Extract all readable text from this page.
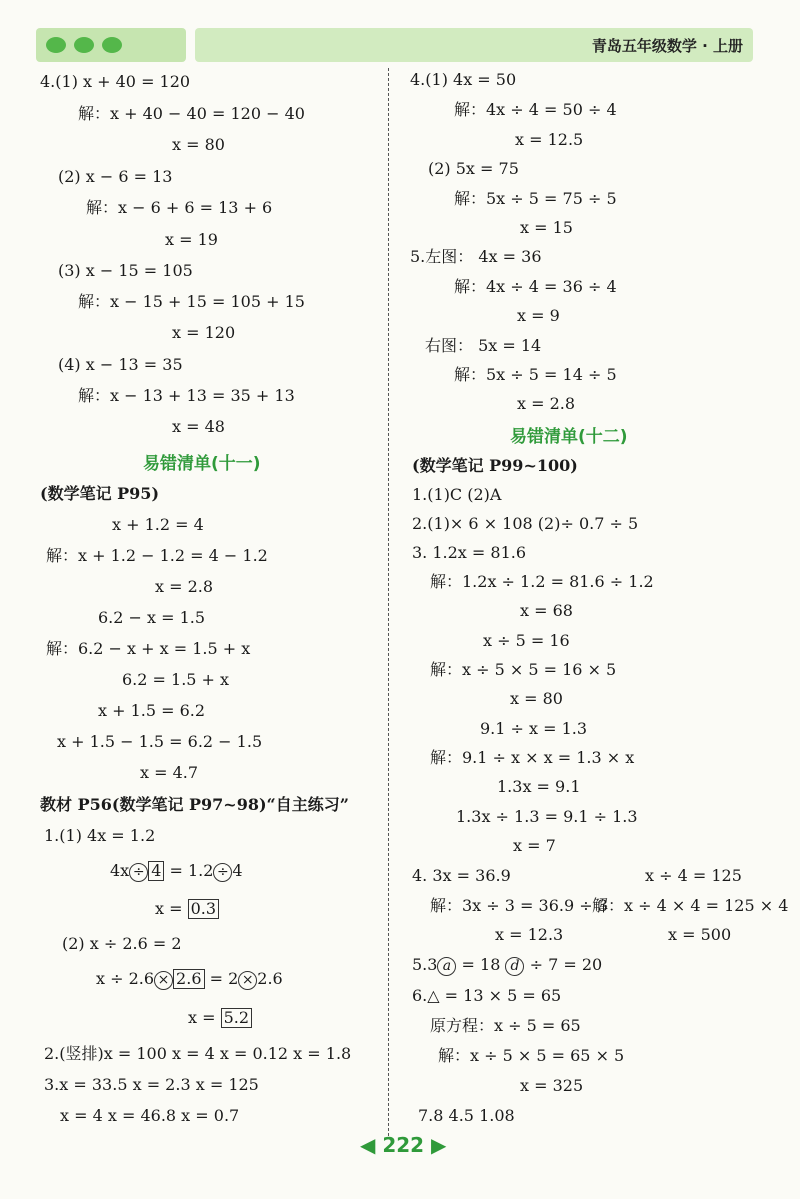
青岛五年级数学 · 上册
4.(1) x + 40 = 120
解：x + 40 − 40 = 120 − 40
x = 80
(2) x − 6 = 13
解：x − 6 + 6 = 13 + 6
x = 19
(3) x − 15 = 105
解：x − 15 + 15 = 105 + 15
x = 120
(4) x − 13 = 35
解：x − 13 + 13 = 35 + 13
x = 48
易错清单(十一)
(数学笔记 P95)
x + 1.2 = 4
解：x + 1.2 − 1.2 = 4 − 1.2
x = 2.8
6.2 − x = 1.5
解：6.2 − x + x = 1.5 + x
6.2 = 1.5 + x
x + 1.5 = 6.2
x + 1.5 − 1.5 = 6.2 − 1.5
x = 4.7
教材 P56(数学笔记 P97~98)“自主练习”
1.(1) 4x = 1.2
4x ÷ 4 = 1.2 ÷ 4
x = 0.3
(2) x ÷ 2.6 = 2
x ÷ 2.6 × 2.6 = 2 × 2.6
x = 5.2
2.(竖排)x = 100 x = 4 x = 0.12 x = 1.8
3.x = 33.5 x = 2.3 x = 125
x = 4 x = 46.8 x = 0.7
4.(1) 4x = 50
解：4x ÷ 4 = 50 ÷ 4
x = 12.5
(2) 5x = 75
解：5x ÷ 5 = 75 ÷ 5
x = 15
5.左图： 4x = 36
解：4x ÷ 4 = 36 ÷ 4
x = 9
右图： 5x = 14
解：5x ÷ 5 = 14 ÷ 5
x = 2.8
易错清单(十二)
(数学笔记 P99~100)
1.(1)C (2)A
2.(1)× 6 × 108 (2)÷ 0.7 ÷ 5
3. 1.2x = 81.6
解：1.2x ÷ 1.2 = 81.6 ÷ 1.2
x = 68
x ÷ 5 = 16
解：x ÷ 5 × 5 = 16 × 5
x = 80
9.1 ÷ x = 1.3
解：9.1 ÷ x × x = 1.3 × x
1.3x = 9.1
1.3x ÷ 1.3 = 9.1 ÷ 1.3
x = 7
4. 3x = 36.9	x ÷ 4 = 125
解：3x ÷ 3 = 36.9 ÷ 3
解：x ÷ 4 × 4 = 125 × 4
x = 12.3	x = 500
5.3 a = 18 d ÷ 7 = 20
6.△ = 13 × 5 = 65
原方程：x ÷ 5 = 65
解：x ÷ 5 × 5 = 65 × 5
x = 325
7.8 4.5 1.08
◀ 222 ▶
